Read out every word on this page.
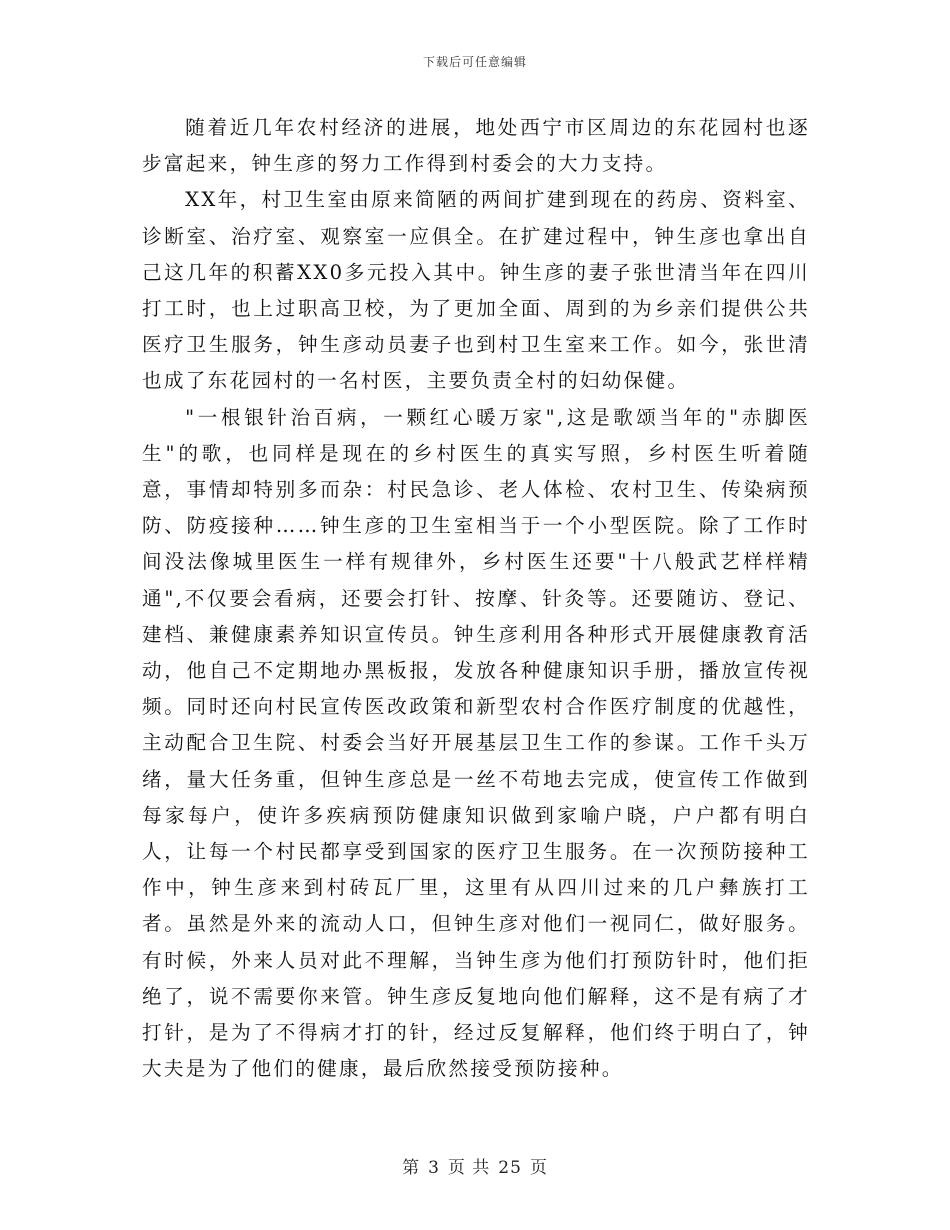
下载后可任意编辑

随着近几年农村经济的进展，地处西宁市区周边的东花园村也逐步富起来，钟生彦的努力工作得到村委会的大力支持。

XX年，村卫生室由原来简陋的两间扩建到现在的药房、资料室、诊断室、治疗室、观察室一应俱全。在扩建过程中，钟生彦也拿出自己这几年的积蓄XX0多元投入其中。钟生彦的妻子张世清当年在四川打工时，也上过职高卫校，为了更加全面、周到的为乡亲们提供公共医疗卫生服务，钟生彦动员妻子也到村卫生室来工作。如今，张世清也成了东花园村的一名村医，主要负责全村的妇幼保健。

"一根银针治百病，一颗红心暖万家",这是歌颂当年的"赤脚医生"的歌，也同样是现在的乡村医生的真实写照，乡村医生听着随意，事情却特别多而杂：村民急诊、老人体检、农村卫生、传染病预防、防疫接种……钟生彦的卫生室相当于一个小型医院。除了工作时间没法像城里医生一样有规律外，乡村医生还要"十八般武艺样样精通",不仅要会看病，还要会打针、按摩、针灸等。还要随访、登记、建档、兼健康素养知识宣传员。钟生彦利用各种形式开展健康教育活动，他自己不定期地办黑板报，发放各种健康知识手册，播放宣传视频。同时还向村民宣传医改政策和新型农村合作医疗制度的优越性，主动配合卫生院、村委会当好开展基层卫生工作的参谋。工作千头万绪，量大任务重，但钟生彦总是一丝不苟地去完成，使宣传工作做到每家每户，使许多疾病预防健康知识做到家喻户晓，户户都有明白人，让每一个村民都享受到国家的医疗卫生服务。在一次预防接种工作中，钟生彦来到村砖瓦厂里，这里有从四川过来的几户彝族打工者。虽然是外来的流动人口，但钟生彦对他们一视同仁，做好服务。有时候，外来人员对此不理解，当钟生彦为他们打预防针时，他们拒绝了，说不需要你来管。钟生彦反复地向他们解释，这不是有病了才打针，是为了不得病才打的针，经过反复解释，他们终于明白了，钟大夫是为了他们的健康，最后欣然接受预防接种。

第 3 页 共 25 页
